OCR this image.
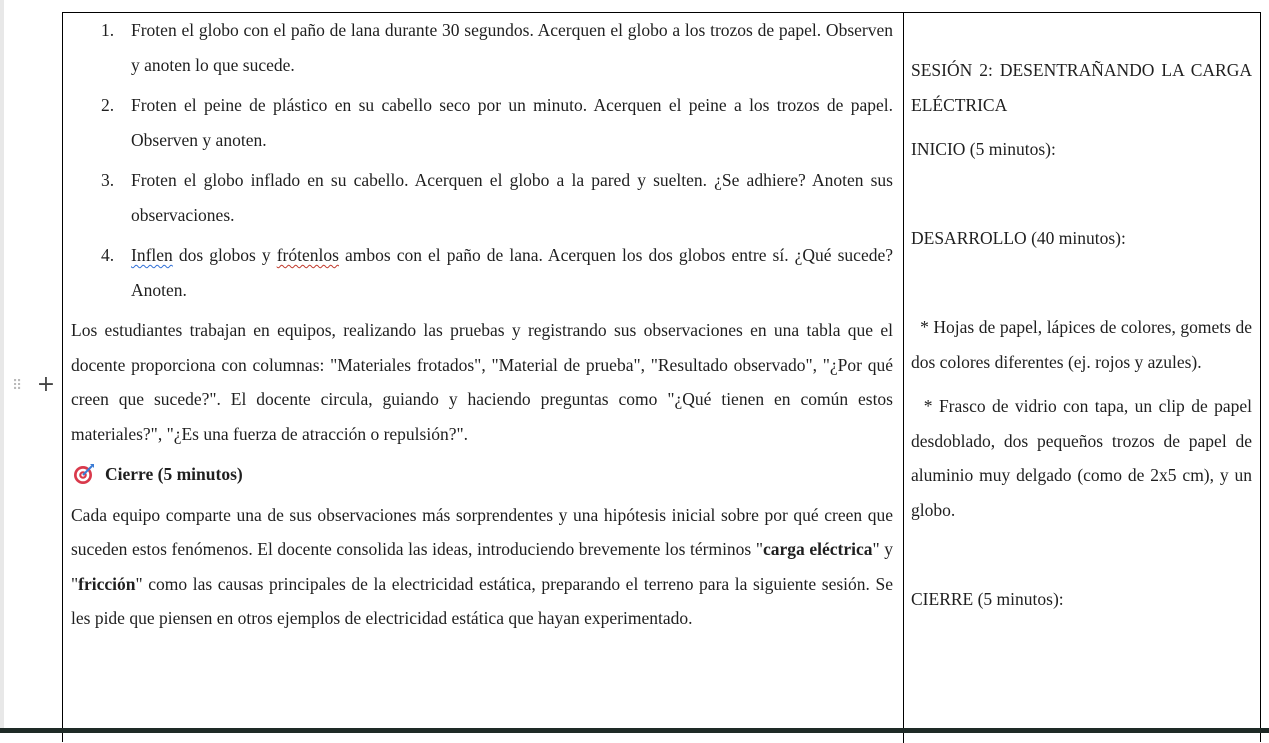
⠿ +
1. Froten el globo con el paño de lana durante 30 segundos. Acerquen el globo a los trozos de papel. Observen y anoten lo que sucede.
2. Froten el peine de plástico en su cabello seco por un minuto. Acerquen el peine a los trozos de papel. Observen y anoten.
3. Froten el globo inflado en su cabello. Acerquen el globo a la pared y suelten. ¿Se adhiere? Anoten sus observaciones.
4. Inflen dos globos y frótenlos ambos con el paño de lana. Acerquen los dos globos entre sí. ¿Qué sucede? Anoten.

Los estudiantes trabajan en equipos, realizando las pruebas y registrando sus observaciones en una tabla que el docente proporciona con columnas: "Materiales frotados", "Material de prueba", "Resultado observado", "¿Por qué creen que sucede?". El docente circula, guiando y haciendo preguntas como "¿Qué tienen en común estos materiales?", "¿Es una fuerza de atracción o repulsión?".

Cierre (5 minutos)

Cada equipo comparte una de sus observaciones más sorprendentes y una hipótesis inicial sobre por qué creen que suceden estos fenómenos. El docente consolida las ideas, introduciendo brevemente los términos "carga eléctrica" y "fricción" como las causas principales de la electricidad estática, preparando el terreno para la siguiente sesión. Se les pide que piensen en otros ejemplos de electricidad estática que hayan experimentado.

SESIÓN 2: DESENTRAÑANDO LA CARGA ELÉCTRICA

INICIO (5 minutos):

DESARROLLO (40 minutos):

* Hojas de papel, lápices de colores, gomets de dos colores diferentes (ej. rojos y azules).

* Frasco de vidrio con tapa, un clip de papel desdoblado, dos pequeños trozos de papel de aluminio muy delgado (como de 2x5 cm), y un globo.

CIERRE (5 minutos):
